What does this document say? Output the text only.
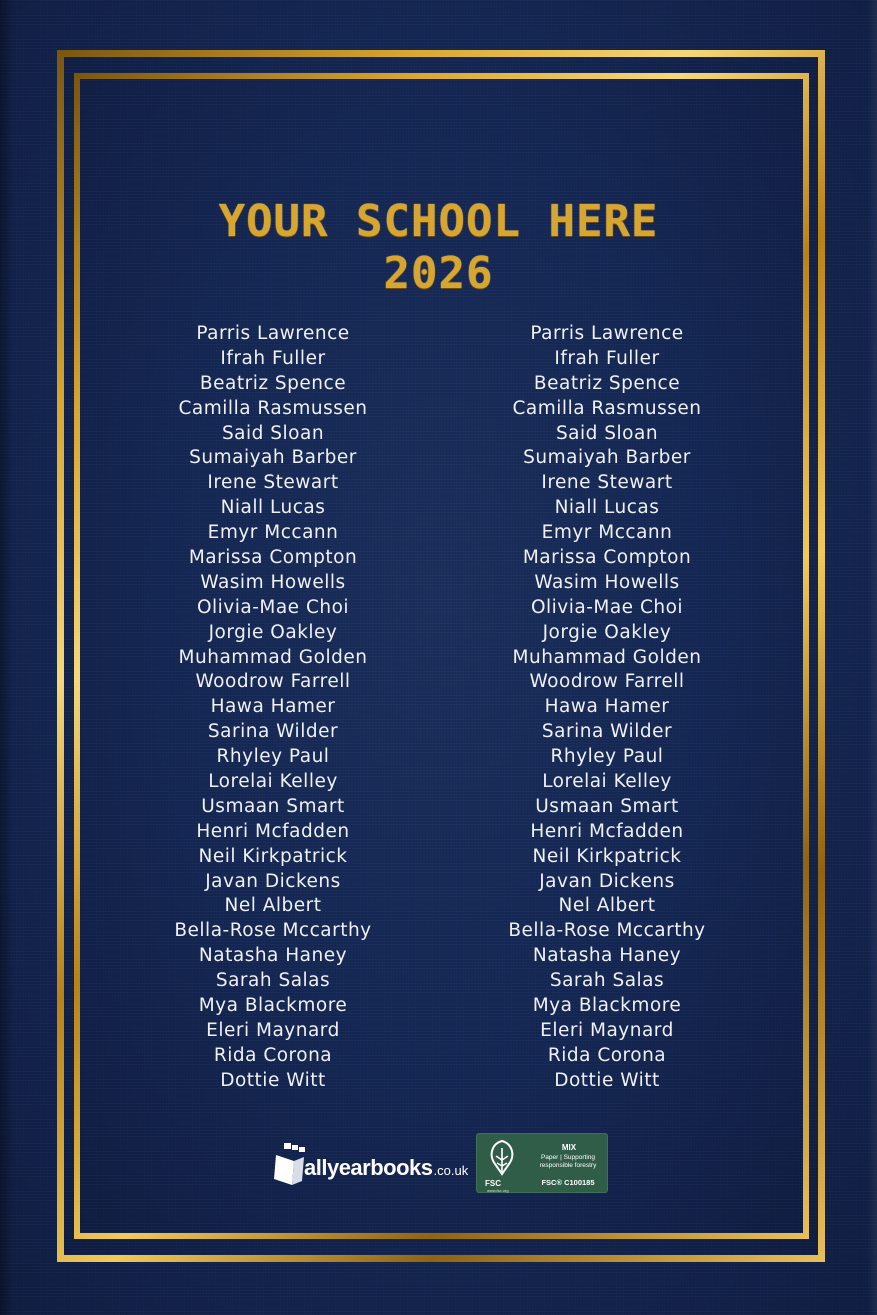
YOUR SCHOOL HERE
2026
Parris Lawrence
Ifrah Fuller
Beatriz Spence
Camilla Rasmussen
Said Sloan
Sumaiyah Barber
Irene Stewart
Niall Lucas
Emyr Mccann
Marissa Compton
Wasim Howells
Olivia-Mae Choi
Jorgie Oakley
Muhammad Golden
Woodrow Farrell
Hawa Hamer
Sarina Wilder
Rhyley Paul
Lorelai Kelley
Usmaan Smart
Henri Mcfadden
Neil Kirkpatrick
Javan Dickens
Nel Albert
Bella-Rose Mccarthy
Natasha Haney
Sarah Salas
Mya Blackmore
Eleri Maynard
Rida Corona
Dottie Witt
Parris Lawrence
Ifrah Fuller
Beatriz Spence
Camilla Rasmussen
Said Sloan
Sumaiyah Barber
Irene Stewart
Niall Lucas
Emyr Mccann
Marissa Compton
Wasim Howells
Olivia-Mae Choi
Jorgie Oakley
Muhammad Golden
Woodrow Farrell
Hawa Hamer
Sarina Wilder
Rhyley Paul
Lorelai Kelley
Usmaan Smart
Henri Mcfadden
Neil Kirkpatrick
Javan Dickens
Nel Albert
Bella-Rose Mccarthy
Natasha Haney
Sarah Salas
Mya Blackmore
Eleri Maynard
Rida Corona
Dottie Witt
allyearbooks .co.uk
FSC
www.fsc.org
MIX
Paper | Supporting
responsible forestry
FSC® C100185
